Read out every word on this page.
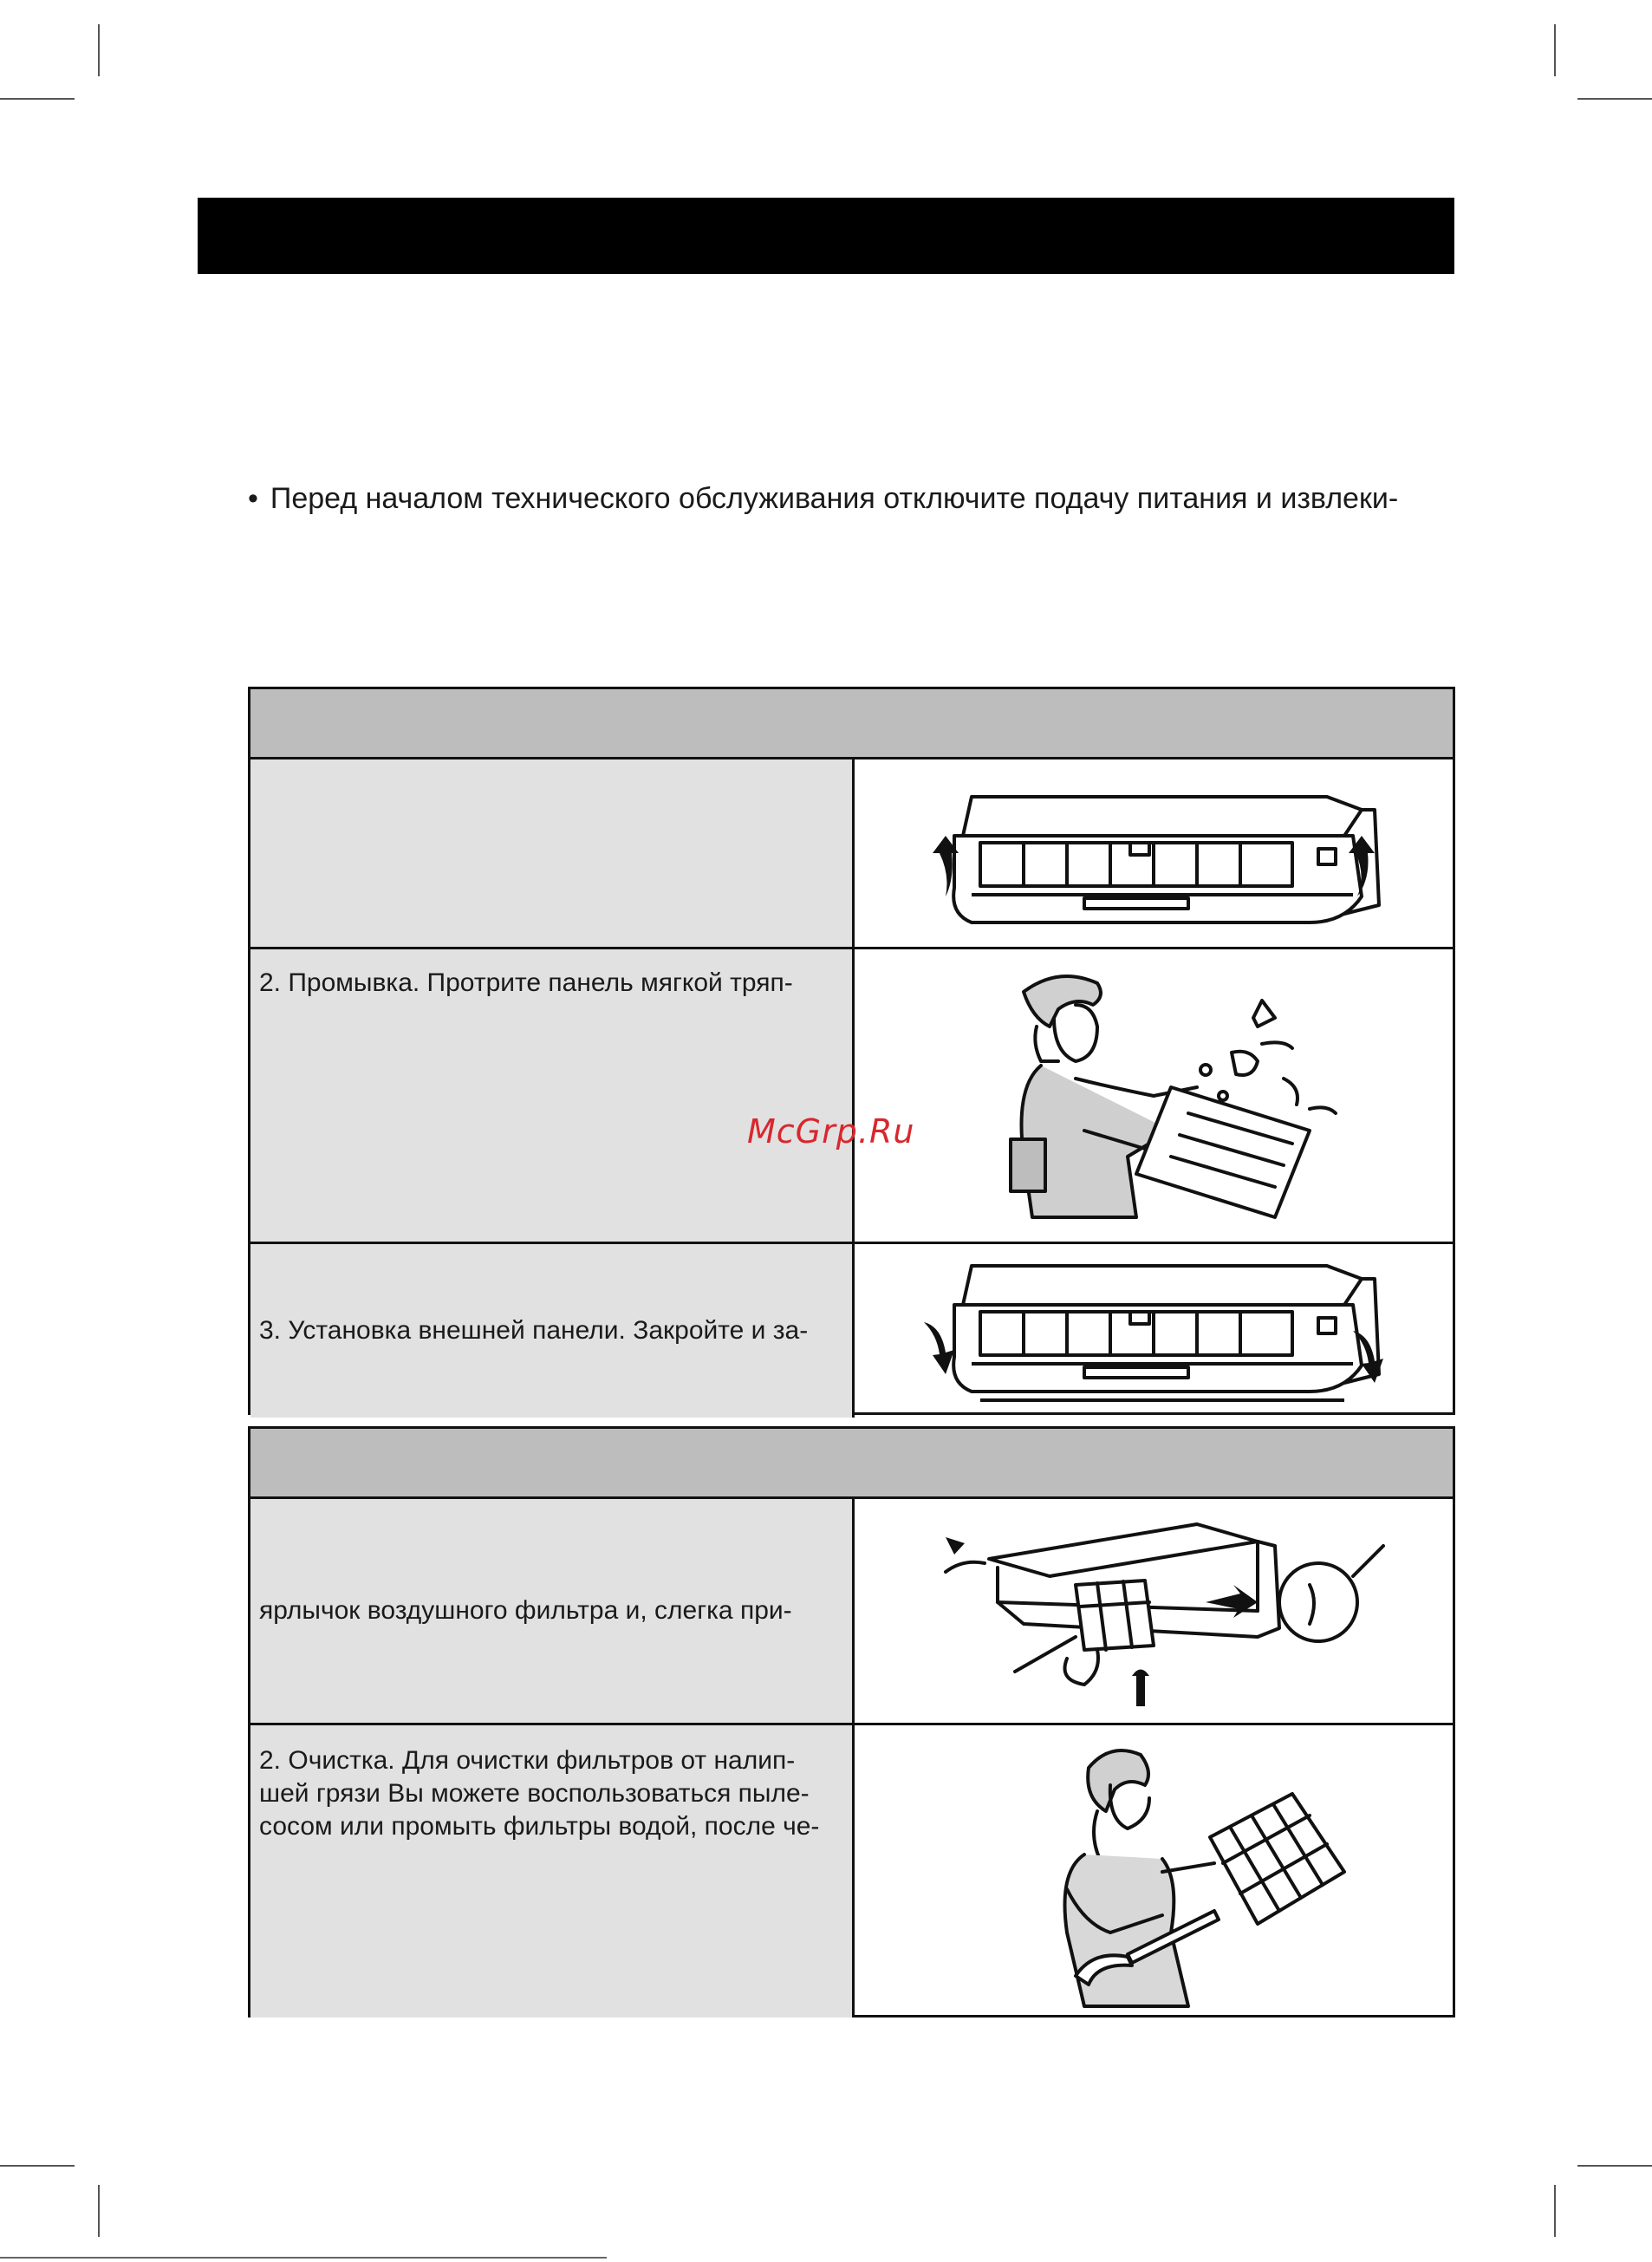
• Перед началом технического обслуживания отключите подачу питания и извлеки-
2. Промывка. Протрите панель мягкой тряп-
3. Установка внешней панели. Закройте и за-
McGrp.Ru
ярлычок воздушного фильтра и, слегка при-
2. Очистка. Для очистки фильтров от налип-
шей грязи Вы можете воспользоваться пыле-
сосом или промыть фильтры водой, после че-
